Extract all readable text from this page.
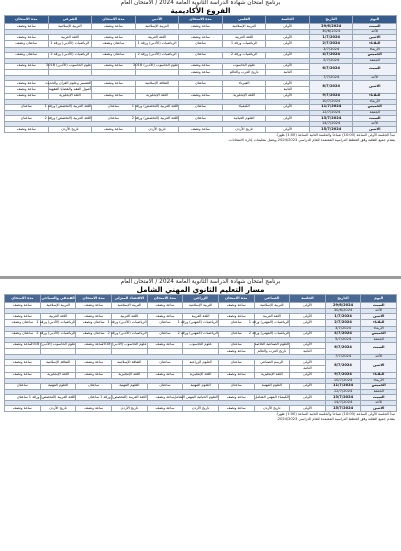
برنامج امتحان شهادة الدراسة الثانوية العامة 2024 / الامتحان العام
الفروع الأكاديمية
اليوم	التاريخ	الجلسة	العلمي	مدة الامتحان	الأدبي	مدة الامتحان	الشرعي	مدة الامتحان
السبت	29/6/2024	الأولى	التربية الإسلامية	ساعة ونصف	التربية الإسلامية	ساعة ونصف	التربية الإسلامية	ساعة ونصف
الأحد	30/6/2024							
الاثنين	1/7/2024	الأولى	اللغة العربية	ساعة ونصف	اللغة العربية	ساعة ونصف	اللغة العربية	ساعة ونصف
الثلاثاء	2/7/2024	الأولى	الرياضيات ورقة 1	ساعتان	الرياضيات (الأدبي) ورقة 1	ساعتان ونصف	الرياضيات (الأدبي) ورقة 1	ساعتان ونصف
الأربعاء	3/7/2024							
الخميس	4/7/2024	الأولى	الرياضيات ورقة 2	ساعتان	الرياضيات (الأدبي) ورقة 2	ساعتان ونصف	الرياضيات (الأدبي) ورقة 2	ساعتان ونصف
الجمعة	5/7/2024							
السبت	6/7/2024	الأولى	علوم الحاسوب	ساعة ونصف	علوم الحاسوب (الأدبي) 2018	ساعة ونصف	علوم الحاسوب (الأدبي) 2018	ساعة ونصف
		الثانية	تاريخ العرب والعالم	ساعة ونصف				
الأحد	7/7/2024							
الاثنين	8/7/2024	الأولى	الفيزياء	ساعتان	الثقافة الإسلامية	ساعة ونصف	التفسير وعلوم القرآن والحديث	ساعة ونصف
		الثانية					أصول الفقه والقضايا الفقهية	ساعة ونصف
الثلاثاء	9/7/2024	الأولى	اللغة الإنجليزية	ساعة ونصف	اللغة الإنجليزية	ساعة ونصف	اللغة الإنجليزية	ساعة ونصف
الأربعاء	10/7/2024							
الخميس	11/7/2024	الأولى	الكيمياء	ساعتان	اللغة العربية (التخصص) ورقة 1	ساعتان	اللغة العربية (التخصص) ورقة 1	ساعتان
الجمعة	12/7/2024							
السبت	13/7/2024	الأولى	العلوم الحياتية	ساعتان	اللغة العربية (التخصص) ورقة 2	ساعتان	اللغة العربية (التخصص) ورقة 2	ساعتان
الأحد	14/7/2024							
الاثنين	15/7/2024	الأولى	تاريخ الأردن	ساعة ونصف	تاريخ الأردن	ساعة ونصف	تاريخ الأردن	ساعة ونصف
تبدأ الجلسة الأولى الساعة (10:00) صباحاً والجلسة الثانية الساعة (1:00) ظهراً.
يتقدم جميع الطلبة وفق الخطط الدراسية المعتمدة للعام الدراسي 2024/2023 ويعمل بتعليمات إدارة الامتحانات.
برنامج امتحان شهادة الدراسة الثانوية العامة 2024 / الامتحان العام
مسار التعليم الثانوي المهني الشامل
اليوم	التاريخ	الجلسة	الصناعي	مدة الامتحان	الزراعي	مدة الامتحان	الاقتصاد المنزلي	مدة الامتحان	الفندقي والسياحي	مدة الامتحان
السبت	29/6/2024	الأولى	التربية الإسلامية	ساعة ونصف	التربية الإسلامية	ساعة ونصف	التربية الإسلامية	ساعة ونصف	التربية الإسلامية	ساعة ونصف
الأحد	30/6/2024									
الاثنين	1/7/2024	الأولى	اللغة العربية	ساعة ونصف	اللغة العربية	ساعة ونصف	اللغة العربية	ساعة ونصف	اللغة العربية	ساعة ونصف
الثلاثاء	2/7/2024	الأولى	الرياضيات (المهني) ورقة 1	ساعتان	الرياضيات (المهني) ورقة 1	ساعتان	الرياضيات (الأدبي) ورقة 1	ساعتان ونصف	الرياضيات (الأدبي) ورقة 1	ساعتان ونصف
الأربعاء	3/7/2024									
الخميس	4/7/2024	الأولى	الرياضيات (المهني) ورقة 2	ساعتان	الرياضيات (المهني) ورقة 2	ساعتان	الرياضيات (الأدبي) ورقة 2	ساعتان ونصف	الرياضيات (الأدبي) ورقة 2	ساعتان ونصف
الجمعة	5/7/2024									
السبت	6/7/2024	الأولى	العلوم الصناعية الخاصة	ساعتان	علوم الحاسوب	ساعة ونصف	علوم الحاسوب (الأدبي) 2018	ساعة ونصف	علوم الحاسوب (الأدبي) 2018	ساعة ونصف
		الثانية	تاريخ العرب والعالم	ساعة ونصف						
الأحد	7/7/2024									
الاثنين	8/7/2024	الأولى	الرسم الصناعي	ساعتان	العلوم الزراعية	ساعتان	الثقافة الإسلامية	ساعة ونصف	الثقافة الإسلامية	ساعة ونصف
		الثانية								
الثلاثاء	9/7/2024	الأولى	اللغة الإنجليزية	ساعة ونصف	اللغة الإنجليزية	ساعة ونصف	اللغة الإنجليزية	ساعة ونصف	اللغة الإنجليزية	ساعة ونصف
الأربعاء	10/7/2024									
الخميس	11/7/2024	الأولى	العلوم المهنية	ساعتان	العلوم المهنية	ساعتان	العلوم المهنية	ساعتان	العلوم المهنية	ساعتان
الجمعة	12/7/2024									
السبت	13/7/2024	الأولى	الكيمياء المهني الشامل	ساعة ونصف	العلوم الحياتية المهني الشامل	ساعة ونصف	اللغة العربية (التخصص) ورقة 1	ساعتان	اللغة العربية (التخصص) ورقة 1	ساعتان
الأحد	14/7/2024									
الاثنين	15/7/2024	الأولى	تاريخ الأردن	ساعة ونصف	تاريخ الأردن	ساعة ونصف	تاريخ الأردن	ساعة ونصف	تاريخ الأردن	ساعة ونصف
تبدأ الجلسة الأولى الساعة (10:00) صباحاً والجلسة الثانية الساعة (1:00) ظهراً.
يتقدم جميع الطلبة وفق الخطط الدراسية المعتمدة للعام الدراسي 2024/2023.
